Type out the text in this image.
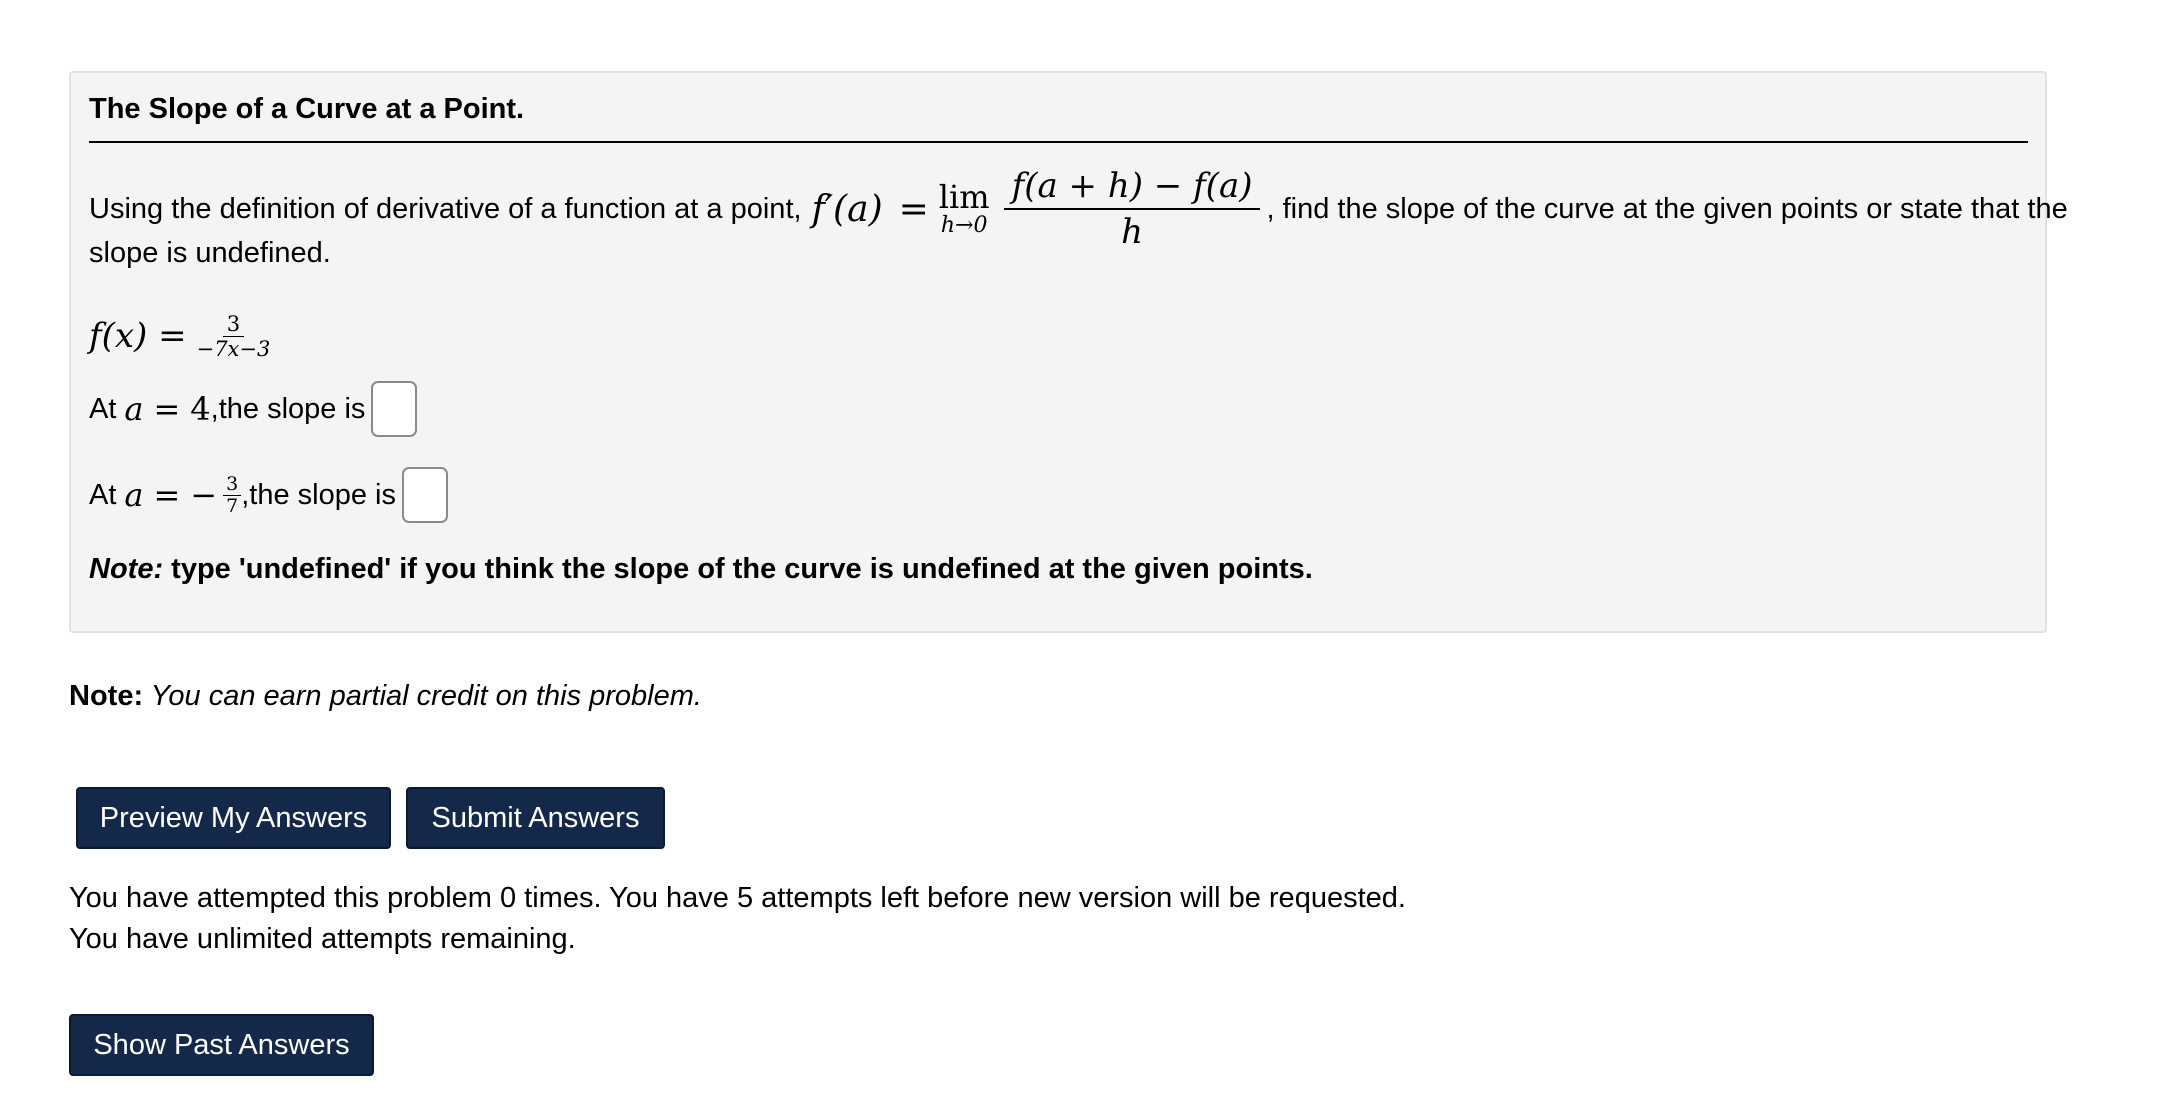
The Slope of a Curve at a Point.
Using the definition of derivative of a function at a point, f′(a) = lim
$h\to 0 \frac{f(a + h) - f(a)}{h}$ , find the slope of the curve at the given points or state that the
slope is undefined.
$f(x) = \frac{3}{-7x-3}$
At a = 4 ,the slope is
At a = − $\frac{3}{7} ,the$ slope is
Note: type 'undefined' if you think the slope of the curve is undefined at the given points.
Note: You can earn partial credit on this problem.
Preview My Answers	Submit Answers
You have attempted this problem 0 times. You have 5 attempts left before new version will be requested.
You have unlimited attempts remaining.
Show Past Answers
